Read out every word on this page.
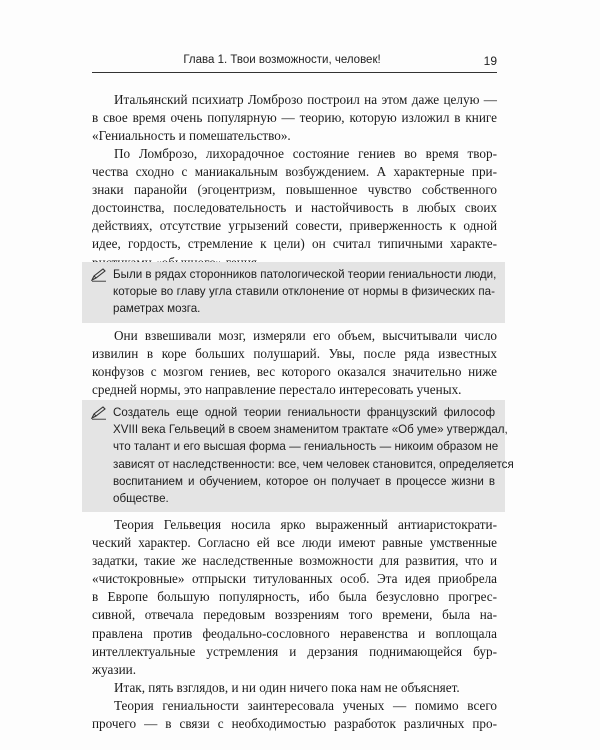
Глава 1. Твои возможности, человек!	19

Итальянский психиатр Ломброзо построил на этом даже целую —
в свое время очень популярную — теорию, которую изложил в книге
«Гениальность и помешательство».

По Ломброзо, лихорадочное состояние гениев во время твор-
чества сходно с маниакальным возбуждением. А характерные при-
знаки паранойи (эгоцентризм, повышенное чувство собственного
достоинства, последовательность и настойчивость в любых своих
действиях, отсутствие угрызений совести, приверженность к одной
идее, гордость, стремление к цели) он считал типичными характе-

Были в рядах сторонников патологической теории гениальности люди,
которые во главу угла ставили отклонение от нормы в физических па-
раметрах мозга.

Они взвешивали мозг, измеряли его объем, высчитывали число
извилин в коре больших полушарий. Увы, после ряда известных
конфузов с мозгом гениев, вес которого оказался значительно ниже
средней нормы, это направление перестало интересовать ученых.

Создатель еще одной теории гениальности французский философ
XVIII века Гельвеций в своем знаменитом трактате «Об уме» утверждал,
что талант и его высшая форма — гениальность — никоим образом не
зависят от наследственности: все, чем человек становится, определяется
воспитанием и обучением, которое он получает в процессе жизни в
обществе.

Теория Гельвеция носила ярко выраженный антиаристократи-
ческий характер. Согласно ей все люди имеют равные умственные
задатки, такие же наследственные возможности для развития, что и
«чистокровные» отпрыски титулованных особ. Эта идея приобрела
в Европе большую популярность, ибо была безусловно прогрес-
сивной, отвечала передовым воззрениям того времени, была на-
правлена против феодально-сословного неравенства и воплощала
интеллектуальные устремления и дерзания поднимающейся бур-
жуазии.

Итак, пять взглядов, и ни один ничего пока нам не объясняет.

Теория гениальности заинтересовала ученых — помимо всего
прочего — в связи с необходимостью разработок различных про-
